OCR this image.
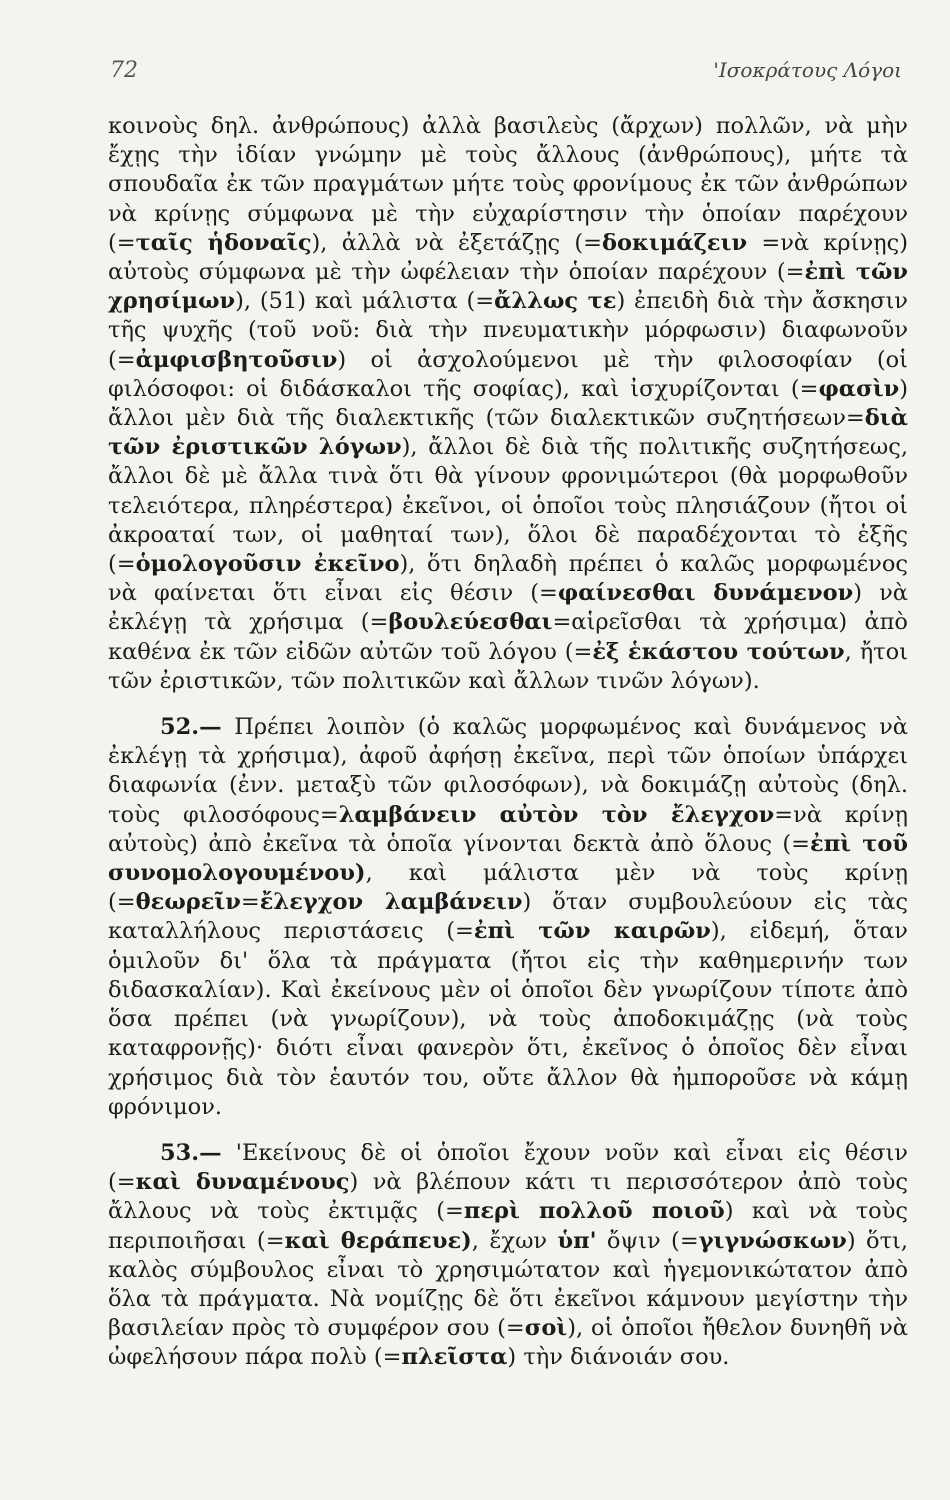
72	'Ισοκράτους Λόγοι

κοινοὺς δηλ. ἀνθρώπους) ἀλλὰ βασιλεὺς (ἄρχων) πολλῶν, νὰ μὴν ἔχῃς τὴν ἰδίαν γνώμην μὲ τοὺς ἄλλους (ἀνθρώπους), μήτε τὰ σπουδαῖα ἐκ τῶν πραγμάτων μήτε τοὺς φρονίμους ἐκ τῶν ἀνθρώπων νὰ κρίνῃς σύμφωνα μὲ τὴν εὐχαρίστησιν τὴν ὁποίαν παρέχουν (=ταῖς ἡδοναῖς), ἀλλὰ νὰ ἐξετάζῃς (=δοκιμάζειν =νὰ κρίνῃς) αὐτοὺς σύμφωνα μὲ τὴν ὠφέλειαν τὴν ὁποίαν παρέχουν (=ἐπὶ τῶν χρησίμων), (51) καὶ μάλιστα (=ἄλλως τε) ἐπειδὴ διὰ τὴν ἄσκησιν τῆς ψυχῆς (τοῦ νοῦ: διὰ τὴν πνευματικὴν μόρφωσιν) διαφωνοῦν (=ἀμφισβητοῦσιν) οἱ ἀσχολούμενοι μὲ τὴν φιλοσοφίαν (οἱ φιλόσοφοι: οἱ διδάσκαλοι τῆς σοφίας), καὶ ἰσχυρίζονται (=φασὶν) ἄλλοι μὲν διὰ τῆς διαλεκτικῆς (τῶν διαλεκτικῶν συζητήσεων=διὰ τῶν ἐριστικῶν λόγων), ἄλλοι δὲ διὰ τῆς πολιτικῆς συζητήσεως, ἄλλοι δὲ μὲ ἄλλα τινὰ ὅτι θὰ γίνουν φρονιμώτεροι (θὰ μορφωθοῦν τελειότερα, πληρέστερα) ἐκεῖνοι, οἱ ὁποῖοι τοὺς πλησιάζουν (ἤτοι οἱ ἀκροαταί των, οἱ μαθηταί των), ὅλοι δὲ παραδέχονται τὸ ἑξῆς (=ὁμολογοῦσιν ἐκεῖνο), ὅτι δηλαδὴ πρέπει ὁ καλῶς μορφωμένος νὰ φαίνεται ὅτι εἶναι εἰς θέσιν (=φαίνεσθαι δυνάμενον) νὰ ἐκλέγῃ τὰ χρήσιμα (=βουλεύεσθαι=αἱρεῖσθαι τὰ χρήσιμα) ἀπὸ καθένα ἐκ τῶν εἰδῶν αὐτῶν τοῦ λόγου (=ἐξ ἑκάστου τούτων, ἤτοι τῶν ἐριστικῶν, τῶν πολιτικῶν καὶ ἄλλων τινῶν λόγων).

52.— Πρέπει λοιπὸν (ὁ καλῶς μορφωμένος καὶ δυνάμενος νὰ ἐκλέγῃ τὰ χρήσιμα), ἀφοῦ ἀφήσῃ ἐκεῖνα, περὶ τῶν ὁποίων ὑπάρχει διαφωνία (ἐνν. μεταξὺ τῶν φιλοσόφων), νὰ δοκιμάζῃ αὐτοὺς (δηλ. τοὺς φιλοσόφους=λαμβάνειν αὐτὸν τὸν ἔλεγχον=νὰ κρίνῃ αὐτοὺς) ἀπὸ ἐκεῖνα τὰ ὁποῖα γίνονται δεκτὰ ἀπὸ ὅλους (=ἐπὶ τοῦ συνομολογουμένου), καὶ μάλιστα μὲν νὰ τοὺς κρίνῃ (=θεωρεῖν=ἔλεγχον λαμβάνειν) ὅταν συμβουλεύουν εἰς τὰς καταλλήλους περιστάσεις (=ἐπὶ τῶν καιρῶν), εἰδεμή, ὅταν ὁμιλοῦν δι' ὅλα τὰ πράγματα (ἤτοι εἰς τὴν καθημερινήν των διδασκαλίαν). Καὶ ἐκείνους μὲν οἱ ὁποῖοι δὲν γνωρίζουν τίποτε ἀπὸ ὅσα πρέπει (νὰ γνωρίζουν), νὰ τοὺς ἀποδοκιμάζῃς (νὰ τοὺς καταφρονῇς)· διότι εἶναι φανερὸν ὅτι, ἐκεῖνος ὁ ὁποῖος δὲν εἶναι χρήσιμος διὰ τὸν ἑαυτόν του, οὔτε ἄλλον θὰ ἠμποροῦσε νὰ κάμῃ φρόνιμον.

53.— 'Εκείνους δὲ οἱ ὁποῖοι ἔχουν νοῦν καὶ εἶναι εἰς θέσιν (=καὶ δυναμένους) νὰ βλέπουν κάτι τι περισσότερον ἀπὸ τοὺς ἄλλους νὰ τοὺς ἐκτιμᾷς (=περὶ πολλοῦ ποιοῦ) καὶ νὰ τοὺς περιποιῆσαι (=καὶ θεράπευε), ἔχων ὑπ' ὄψιν (=γιγνώσκων) ὅτι, καλὸς σύμβουλος εἶναι τὸ χρησιμώτατον καὶ ἡγεμονικώτατον ἀπὸ ὅλα τὰ πράγματα. Νὰ νομίζῃς δὲ ὅτι ἐκεῖνοι κάμνουν μεγίστην τὴν βασιλείαν πρὸς τὸ συμφέρον σου (=σοὶ), οἱ ὁποῖοι ἤθελον δυνηθῆ νὰ ὠφελήσουν πάρα πολὺ (=πλεῖστα) τὴν διάνοιάν σου.
